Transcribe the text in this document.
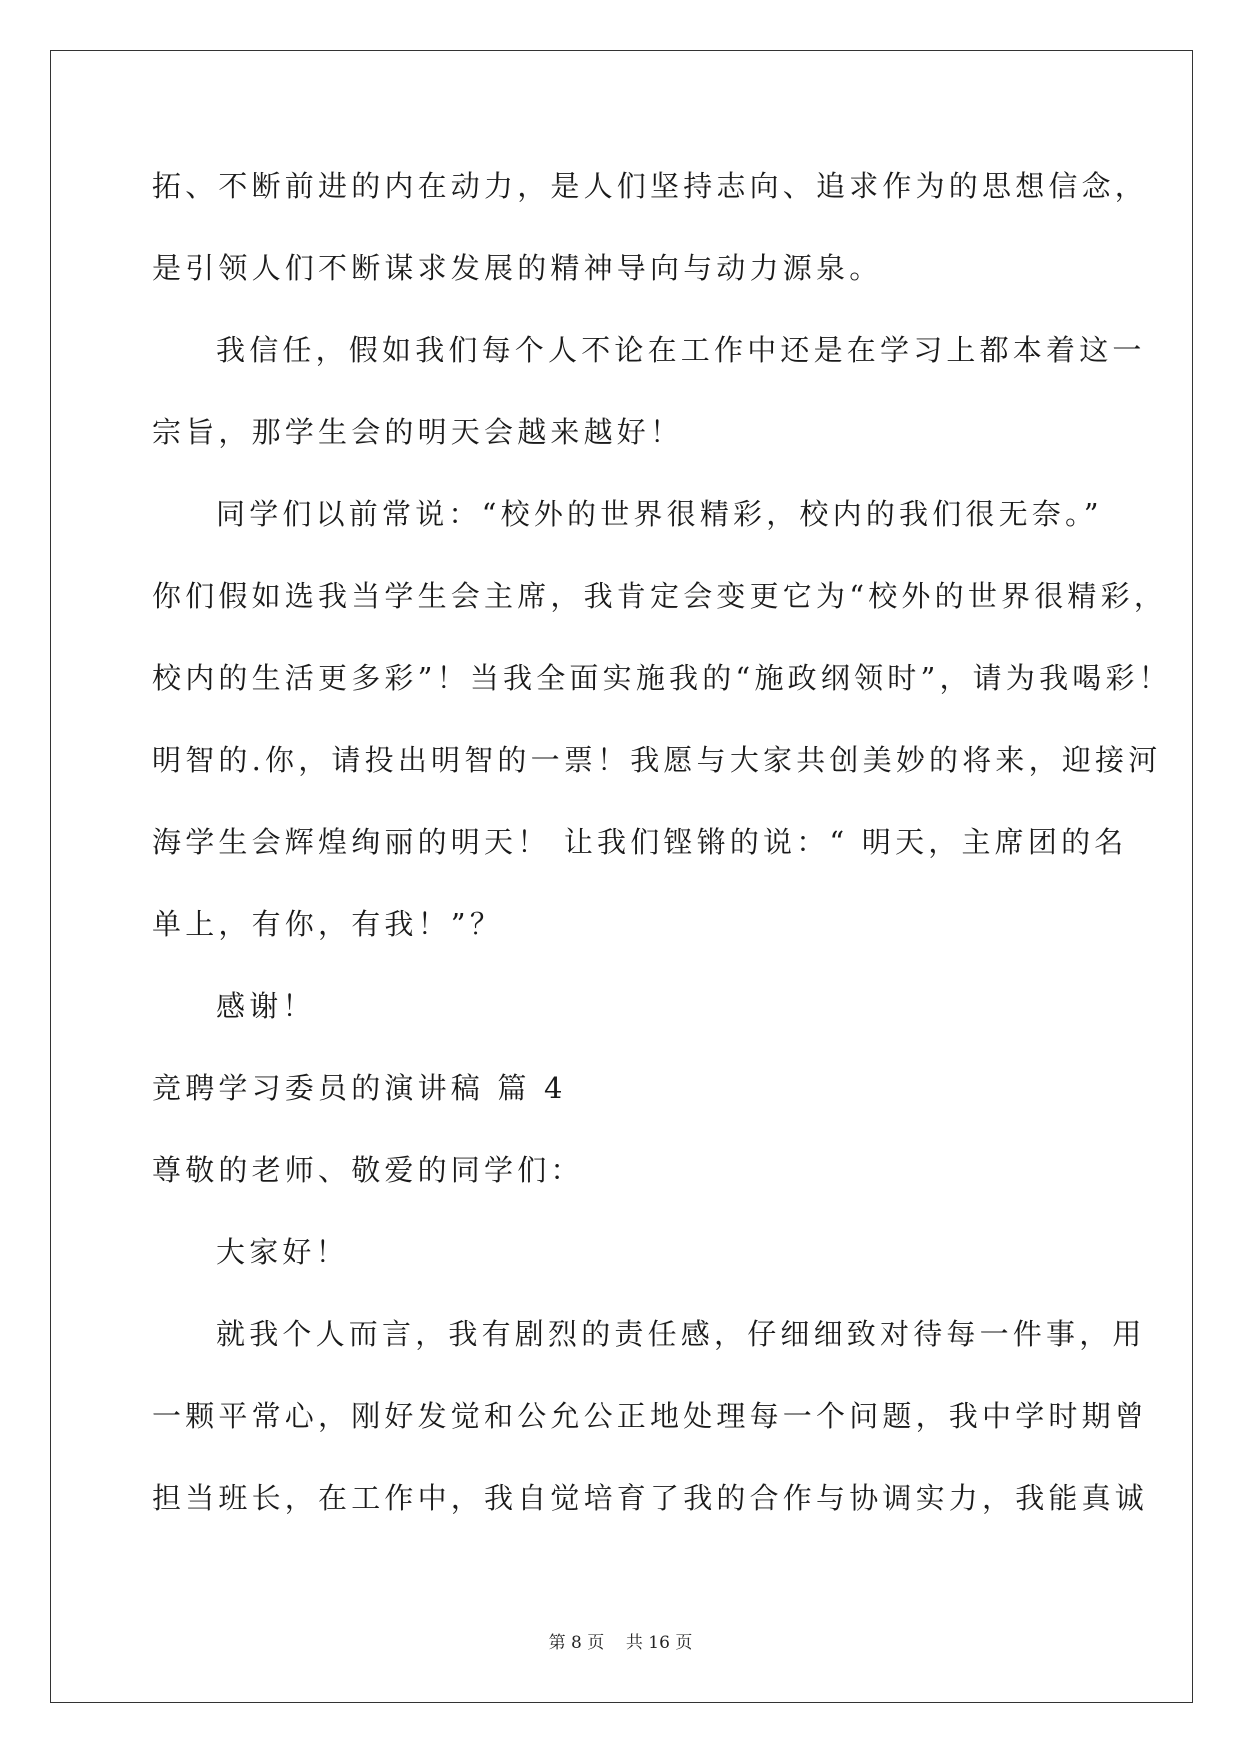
拓、不断前进的内在动力，是人们坚持志向、追求作为的思想信念，
是引领人们不断谋求发展的精神导向与动力源泉。
我信任，假如我们每个人不论在工作中还是在学习上都本着这一
宗旨，那学生会的明天会越来越好！
同学们以前常说：“校外的世界很精彩，校内的我们很无奈。”
你们假如选我当学生会主席，我肯定会变更它为“校外的世界很精彩，
校内的生活更多彩”！当我全面实施我的“施政纲领时”，请为我喝彩！
明智的.你，请投出明智的一票！我愿与大家共创美妙的将来，迎接河
海学生会辉煌绚丽的明天！ 让我们铿锵的说：“ 明天，主席团的名
单上，有你，有我！”？
感谢！
竞聘学习委员的演讲稿 篇 4
尊敬的老师、敬爱的同学们：
大家好！
就我个人而言，我有剧烈的责任感，仔细细致对待每一件事，用
一颗平常心，刚好发觉和公允公正地处理每一个问题，我中学时期曾
担当班长，在工作中，我自觉培育了我的合作与协调实力，我能真诚
第 8 页    共 16 页
